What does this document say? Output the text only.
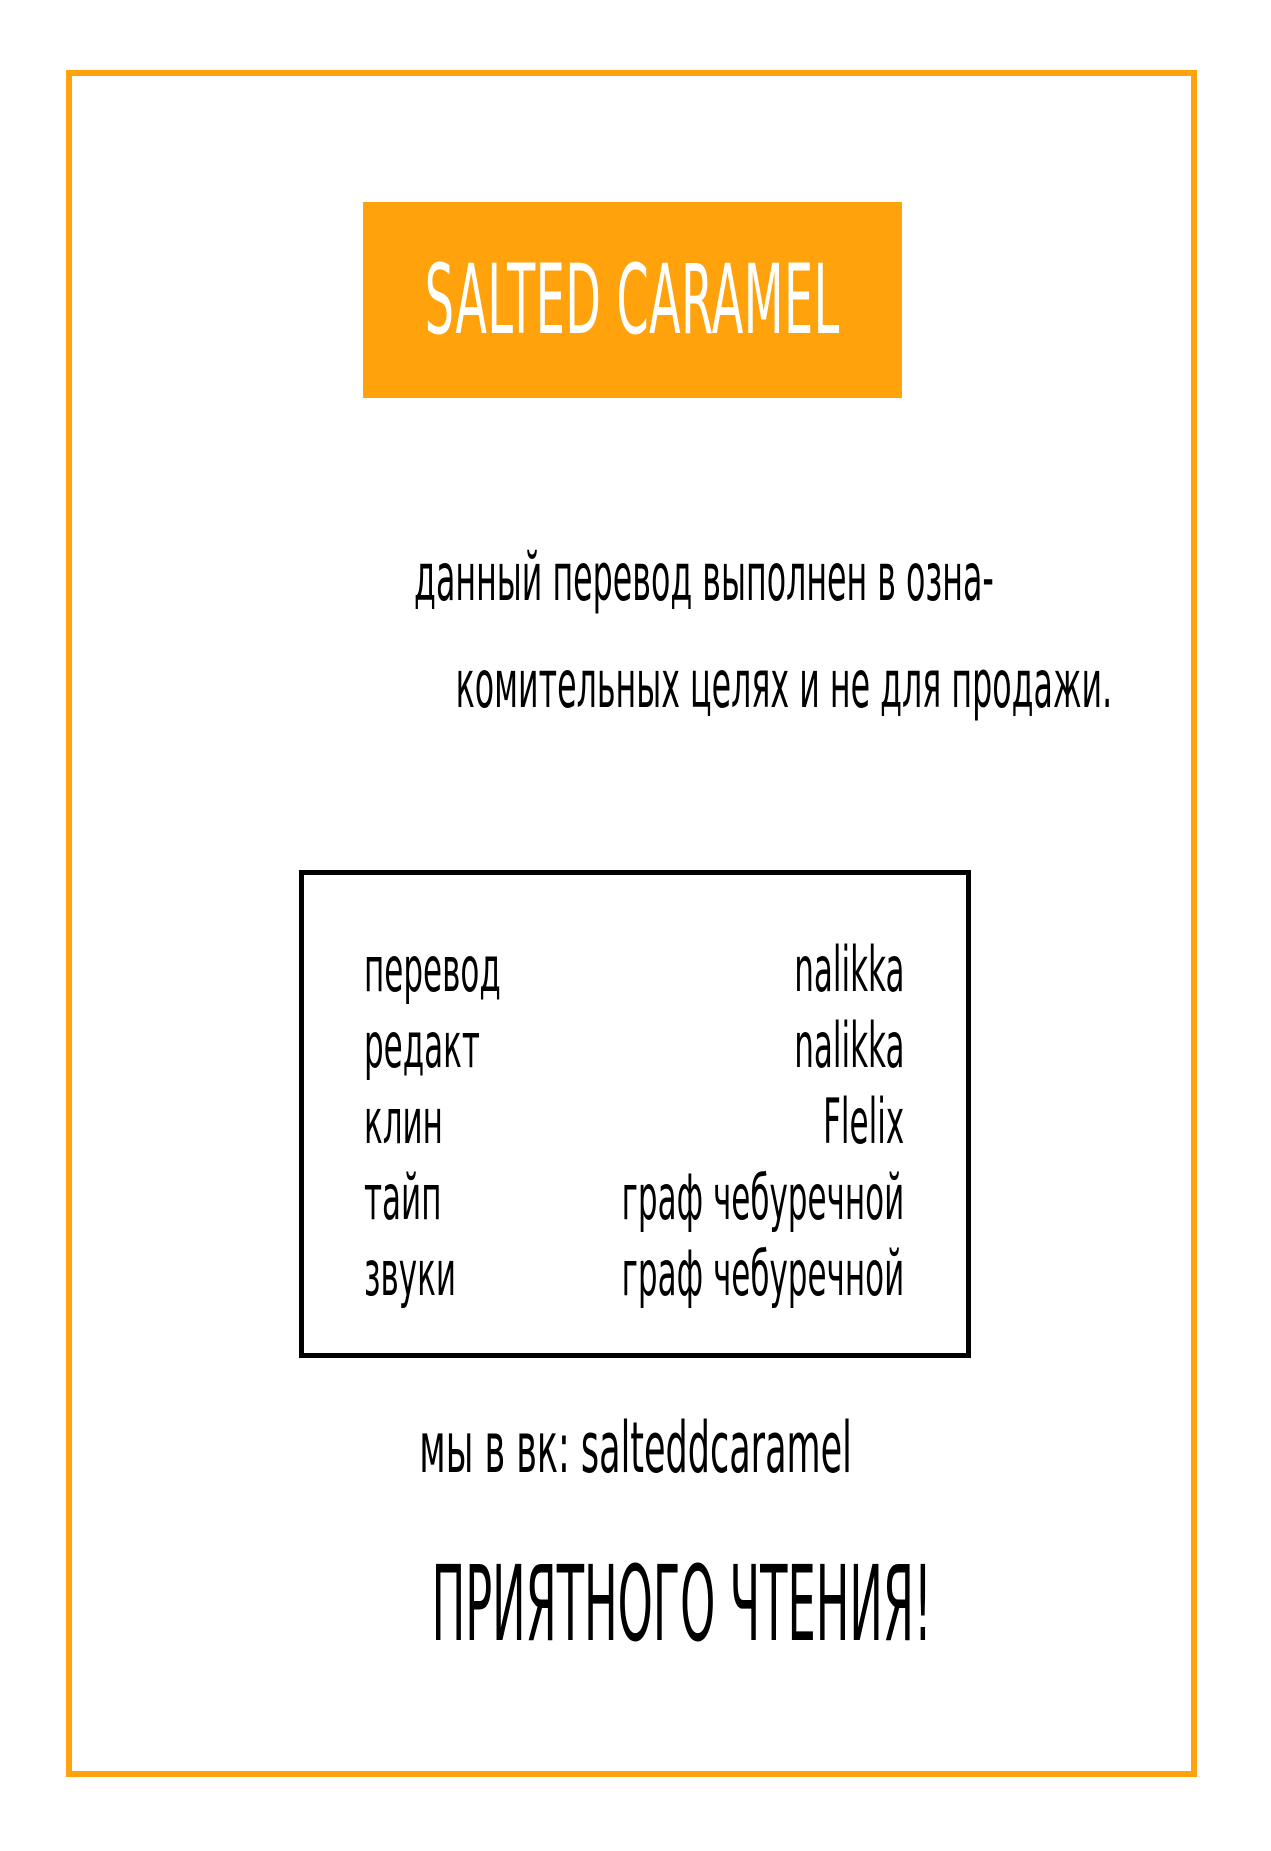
SALTED CARAMEL
данный перевод выполнен в озна-
комительных целях и не для продажи.
перевод	nalikka
редакт	nalikka
клин	Flelix
тайп	граф чебуречной
звуки	граф чебуречной
мы в вк: salteddcaramel
ПРИЯТНОГО ЧТЕНИЯ!
